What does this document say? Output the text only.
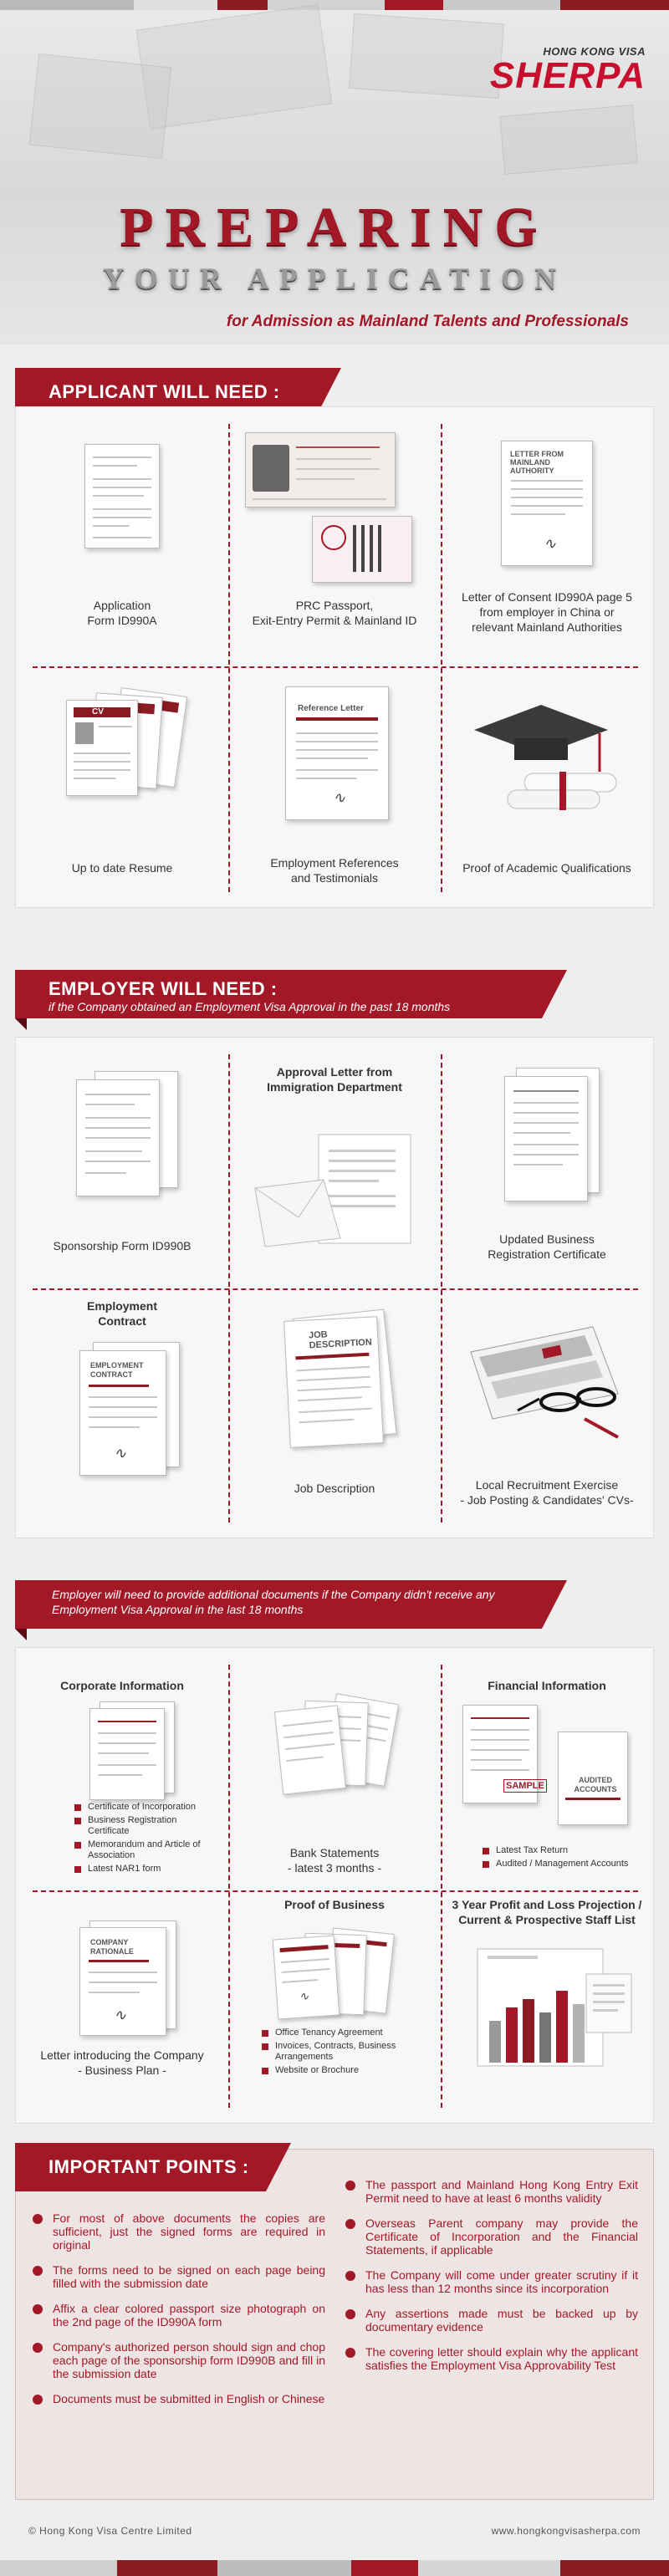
HONG KONG VISA
SHERPA
PREPARING
YOUR APPLICATION
for Admission as Mainland Talents and Professionals
APPLICANT WILL NEED :
Application
Form ID990A
PRC Passport,
Exit-Entry Permit & Mainland ID
LETTER FROM
MAINLAND AUTHORITY
∿
Letter of Consent ID990A page 5
from employer in China or
relevant Mainland Authorities
CV
Up to date Resume
Reference Letter
∿
Employment References
and Testimonials
Proof of Academic Qualifications
EMPLOYER WILL NEED :
if the Company obtained an Employment Visa Approval in the past 18 months
Sponsorship Form ID990B
Approval Letter from
Immigration Department
Updated Business
Registration Certificate
Employment
Contract
EMPLOYMENT
CONTRACT
∿
JOB
DESCRIPTION
Job Description	Local Recruitment Exercise
- Job Posting & Candidates' CVs-
Employer will need to provide additional documents if the Company didn't receive any
Employment Visa Approval in the last 18 months
Corporate Information
Certificate of Incorporation
Business Registration Certificate
Memorandum and Article of Association
Latest NAR1 form
Bank Statements
- latest 3 months -
Financial Information
SAMPLE
AUDITED
ACCOUNTS
Latest Tax Return
Audited / Management Accounts
COMPANY
RATIONALE
∿
Letter introducing the Company
- Business Plan -
Proof of Business
∿
Office Tenancy Agreement
Invoices, Contracts, Business Arrangements
Website or Brochure
3 Year Profit and Loss Projection /
Current & Prospective Staff List
IMPORTANT POINTS :
For most of above documents the copies are sufficient, just the signed forms are required in original
The forms need to be signed on each page being filled with the submission date
Affix a clear colored passport size photograph on the 2nd page of the ID990A form
Company's authorized person should sign and chop each page of the sponsorship form ID990B and fill in the submission date
Documents must be submitted in English or Chinese
The passport and Mainland Hong Kong Entry Exit Permit need to have at least 6 months validity
Overseas Parent company may provide the Certificate of Incorporation and the Financial Statements, if applicable
The Company will come under greater scrutiny if it has less than 12 months since its incorporation
Any assertions made must be backed up by documentary evidence
The covering letter should explain why the applicant satisfies the Employment Visa Approvability Test
© Hong Kong Visa Centre Limited	www.hongkongvisasherpa.com
